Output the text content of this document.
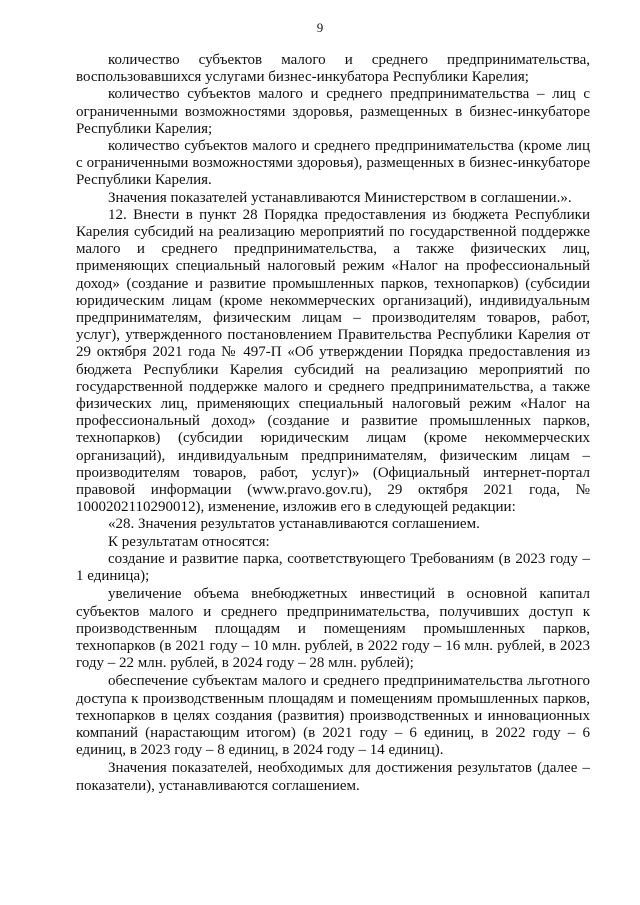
9

количество субъектов малого и среднего предпринимательства, воспользовавшихся услугами бизнес-инкубатора Республики Карелия;

количество субъектов малого и среднего предпринимательства – лиц с ограниченными возможностями здоровья, размещенных в бизнес-инкубаторе Республики Карелия;

количество субъектов малого и среднего предпринимательства (кроме лиц с ограниченными возможностями здоровья), размещенных в бизнес-инкубаторе Республики Карелия.

Значения показателей устанавливаются Министерством в соглашении.».

12. Внести в пункт 28 Порядка предоставления из бюджета Республики Карелия субсидий на реализацию мероприятий по государственной поддержке малого и среднего предпринимательства, а также физических лиц, применяющих специальный налоговый режим «Налог на профессиональный доход» (создание и развитие промышленных парков, технопарков) (субсидии юридическим лицам (кроме некоммерческих организаций), индивидуальным предпринимателям, физическим лицам – производителям товаров, работ, услуг), утвержденного постановлением Правительства Республики Карелия от 29 октября 2021 года № 497-П «Об утверждении Порядка предоставления из бюджета Республики Карелия субсидий на реализацию мероприятий по государственной поддержке малого и среднего предпринимательства, а также физических лиц, применяющих специальный налоговый режим «Налог на профессиональный доход» (создание и развитие промышленных парков, технопарков) (субсидии юридическим лицам (кроме некоммерческих организаций), индивидуальным предпринимателям, физическим лицам – производителям товаров, работ, услуг)» (Официальный интернет-портал правовой информации (www.pravo.gov.ru), 29 октября 2021 года, № 1000202110290012), изменение, изложив его в следующей редакции:

«28. Значения результатов устанавливаются соглашением.

К результатам относятся:

создание и развитие парка, соответствующего Требованиям (в 2023 году – 1 единица);

увеличение объема внебюджетных инвестиций в основной капитал субъектов малого и среднего предпринимательства, получивших доступ к производственным площадям и помещениям промышленных парков, технопарков (в 2021 году – 10 млн. рублей, в 2022 году – 16 млн. рублей, в 2023 году – 22 млн. рублей, в 2024 году – 28 млн. рублей);

обеспечение субъектам малого и среднего предпринимательства льготного доступа к производственным площадям и помещениям промышленных парков, технопарков в целях создания (развития) производственных и инновационных компаний (нарастающим итогом) (в 2021 году – 6 единиц, в 2022 году – 6 единиц, в 2023 году – 8 единиц, в 2024 году – 14 единиц).

Значения показателей, необходимых для достижения результатов (далее – показатели), устанавливаются соглашением.
